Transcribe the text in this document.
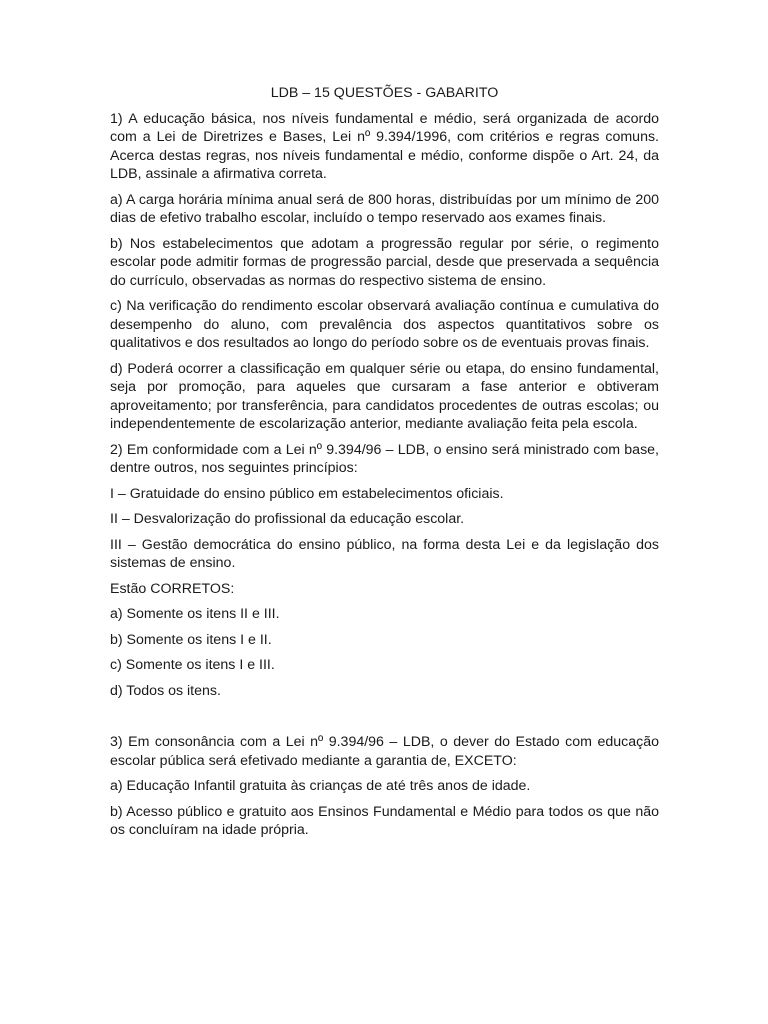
LDB – 15 QUESTÕES - GABARITO
1) A educação básica, nos níveis fundamental e médio, será organizada de acordo com a Lei de Diretrizes e Bases, Lei nº 9.394/1996, com critérios e regras comuns. Acerca destas regras, nos níveis fundamental e médio, conforme dispõe o Art. 24, da LDB, assinale a afirmativa correta.
a) A carga horária mínima anual será de 800 horas, distribuídas por um mínimo de 200 dias de efetivo trabalho escolar, incluído o tempo reservado aos exames finais.
b) Nos estabelecimentos que adotam a progressão regular por série, o regimento escolar pode admitir formas de progressão parcial, desde que preservada a sequência do currículo, observadas as normas do respectivo sistema de ensino.
c) Na verificação do rendimento escolar observará avaliação contínua e cumulativa do desempenho do aluno, com prevalência dos aspectos quantitativos sobre os qualitativos e dos resultados ao longo do período sobre os de eventuais provas finais.
d) Poderá ocorrer a classificação em qualquer série ou etapa, do ensino fundamental, seja por promoção, para aqueles que cursaram a fase anterior e obtiveram aproveitamento; por transferência, para candidatos procedentes de outras escolas; ou independentemente de escolarização anterior, mediante avaliação feita pela escola.
2) Em conformidade com a Lei nº 9.394/96 – LDB, o ensino será ministrado com base, dentre outros, nos seguintes princípios:
I – Gratuidade do ensino público em estabelecimentos oficiais.
II – Desvalorização do profissional da educação escolar.
III – Gestão democrática do ensino público, na forma desta Lei e da legislação dos sistemas de ensino.
Estão CORRETOS:
a) Somente os itens II e III.
b) Somente os itens I e II.
c) Somente os itens I e III.
d) Todos os itens.
3) Em consonância com a Lei nº 9.394/96 – LDB, o dever do Estado com educação escolar pública será efetivado mediante a garantia de, EXCETO:
a) Educação Infantil gratuita às crianças de até três anos de idade.
b) Acesso público e gratuito aos Ensinos Fundamental e Médio para todos os que não os concluíram na idade própria.
